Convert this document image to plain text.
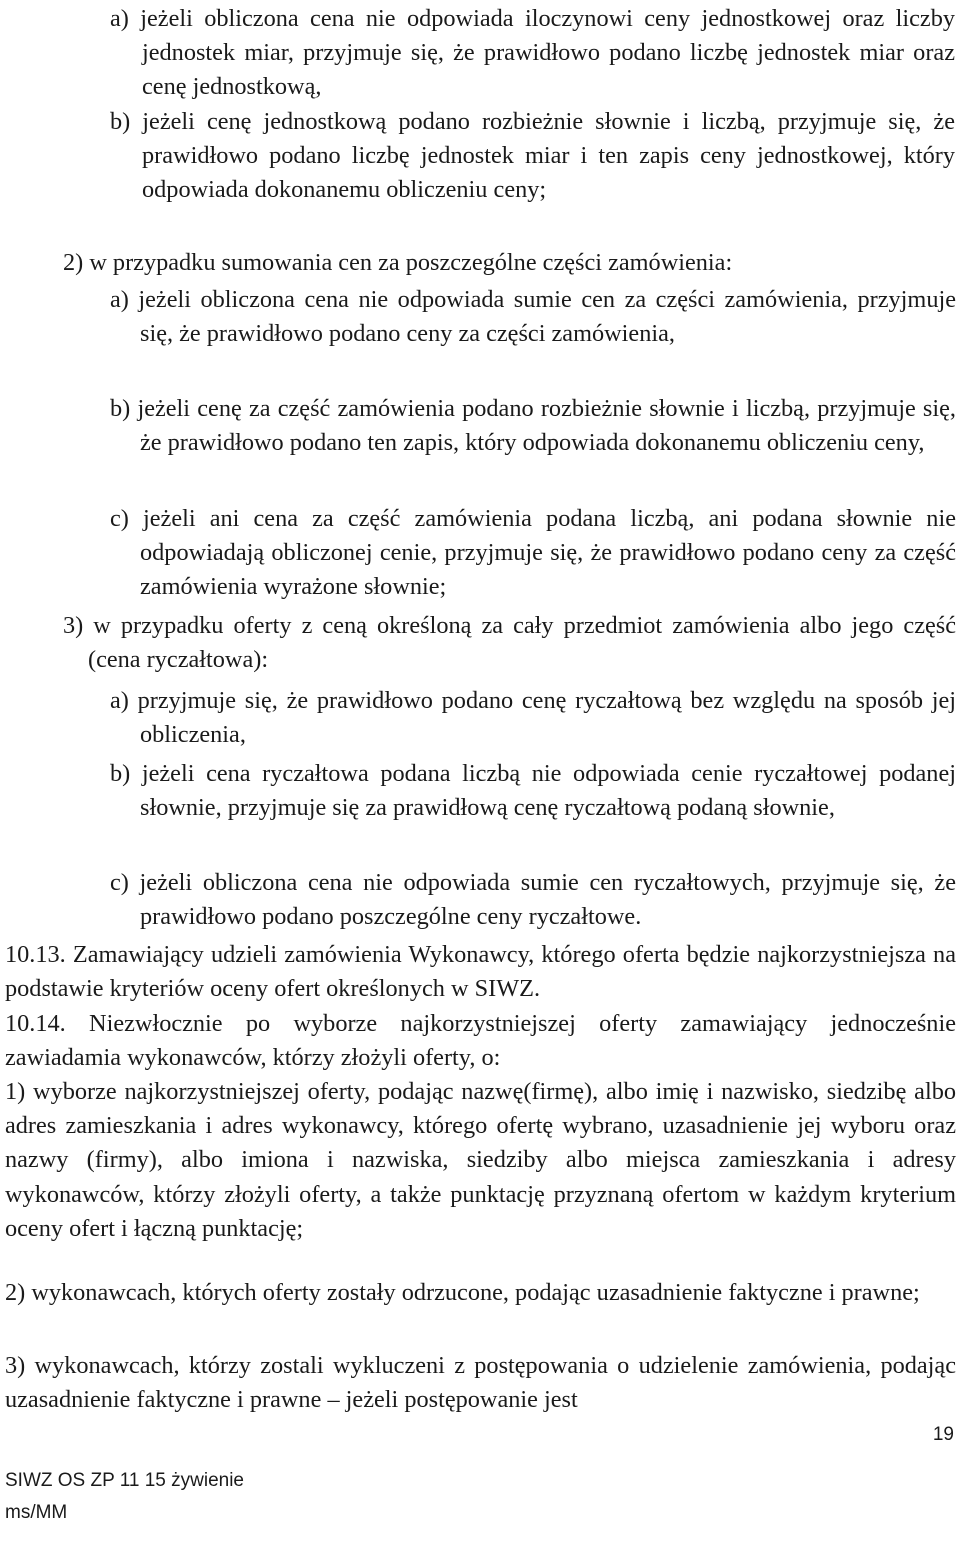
a) jeżeli obliczona cena nie odpowiada iloczynowi ceny jednostkowej oraz liczby jednostek miar, przyjmuje się, że prawidłowo podano liczbę jednostek miar oraz cenę jednostkową,

b) jeżeli cenę jednostkową podano rozbieżnie słownie i liczbą, przyjmuje się, że prawidłowo podano liczbę jednostek miar i ten zapis ceny jednostkowej, który odpowiada dokonanemu obliczeniu ceny;

2) w przypadku sumowania cen za poszczególne części zamówienia:

a) jeżeli obliczona cena nie odpowiada sumie cen za części zamówienia, przyjmuje się, że prawidłowo podano ceny za części zamówienia,

b) jeżeli cenę za część zamówienia podano rozbieżnie słownie i liczbą, przyjmuje się, że prawidłowo podano ten zapis, który odpowiada dokonanemu obliczeniu ceny,

c) jeżeli ani cena za część zamówienia podana liczbą, ani podana słownie nie odpowiadają obliczonej cenie, przyjmuje się, że prawidłowo podano ceny za część zamówienia wyrażone słownie;

3) w przypadku oferty z ceną określoną za cały przedmiot zamówienia albo jego część (cena ryczałtowa):

a) przyjmuje się, że prawidłowo podano cenę ryczałtową bez względu na sposób jej obliczenia,

b) jeżeli cena ryczałtowa podana liczbą nie odpowiada cenie ryczałtowej podanej słownie, przyjmuje się za prawidłową cenę ryczałtową podaną słownie,

c) jeżeli obliczona cena nie odpowiada sumie cen ryczałtowych, przyjmuje się, że prawidłowo podano poszczególne ceny ryczałtowe.

10.13. Zamawiający udzieli zamówienia Wykonawcy, którego oferta będzie najkorzystniejsza na podstawie kryteriów oceny ofert określonych w SIWZ.

10.14. Niezwłocznie po wyborze najkorzystniejszej oferty zamawiający jednocześnie zawiadamia wykonawców, którzy złożyli oferty, o:

1) wyborze najkorzystniejszej oferty, podając nazwę(firmę), albo imię i nazwisko, siedzibę albo adres zamieszkania i adres wykonawcy, którego ofertę wybrano, uzasadnienie jej wyboru oraz nazwy (firmy), albo imiona i nazwiska, siedziby albo miejsca zamieszkania i adresy wykonawców, którzy złożyli oferty, a także punktację przyznaną ofertom w każdym kryterium oceny ofert i łączną punktację;

2) wykonawcach, których oferty zostały odrzucone, podając uzasadnienie faktyczne i prawne;

3) wykonawcach, którzy zostali wykluczeni z postępowania o udzielenie zamówienia, podając uzasadnienie faktyczne i prawne – jeżeli postępowanie jest

SIWZ OS ZP 11 15 żywienie
ms/MM
19
